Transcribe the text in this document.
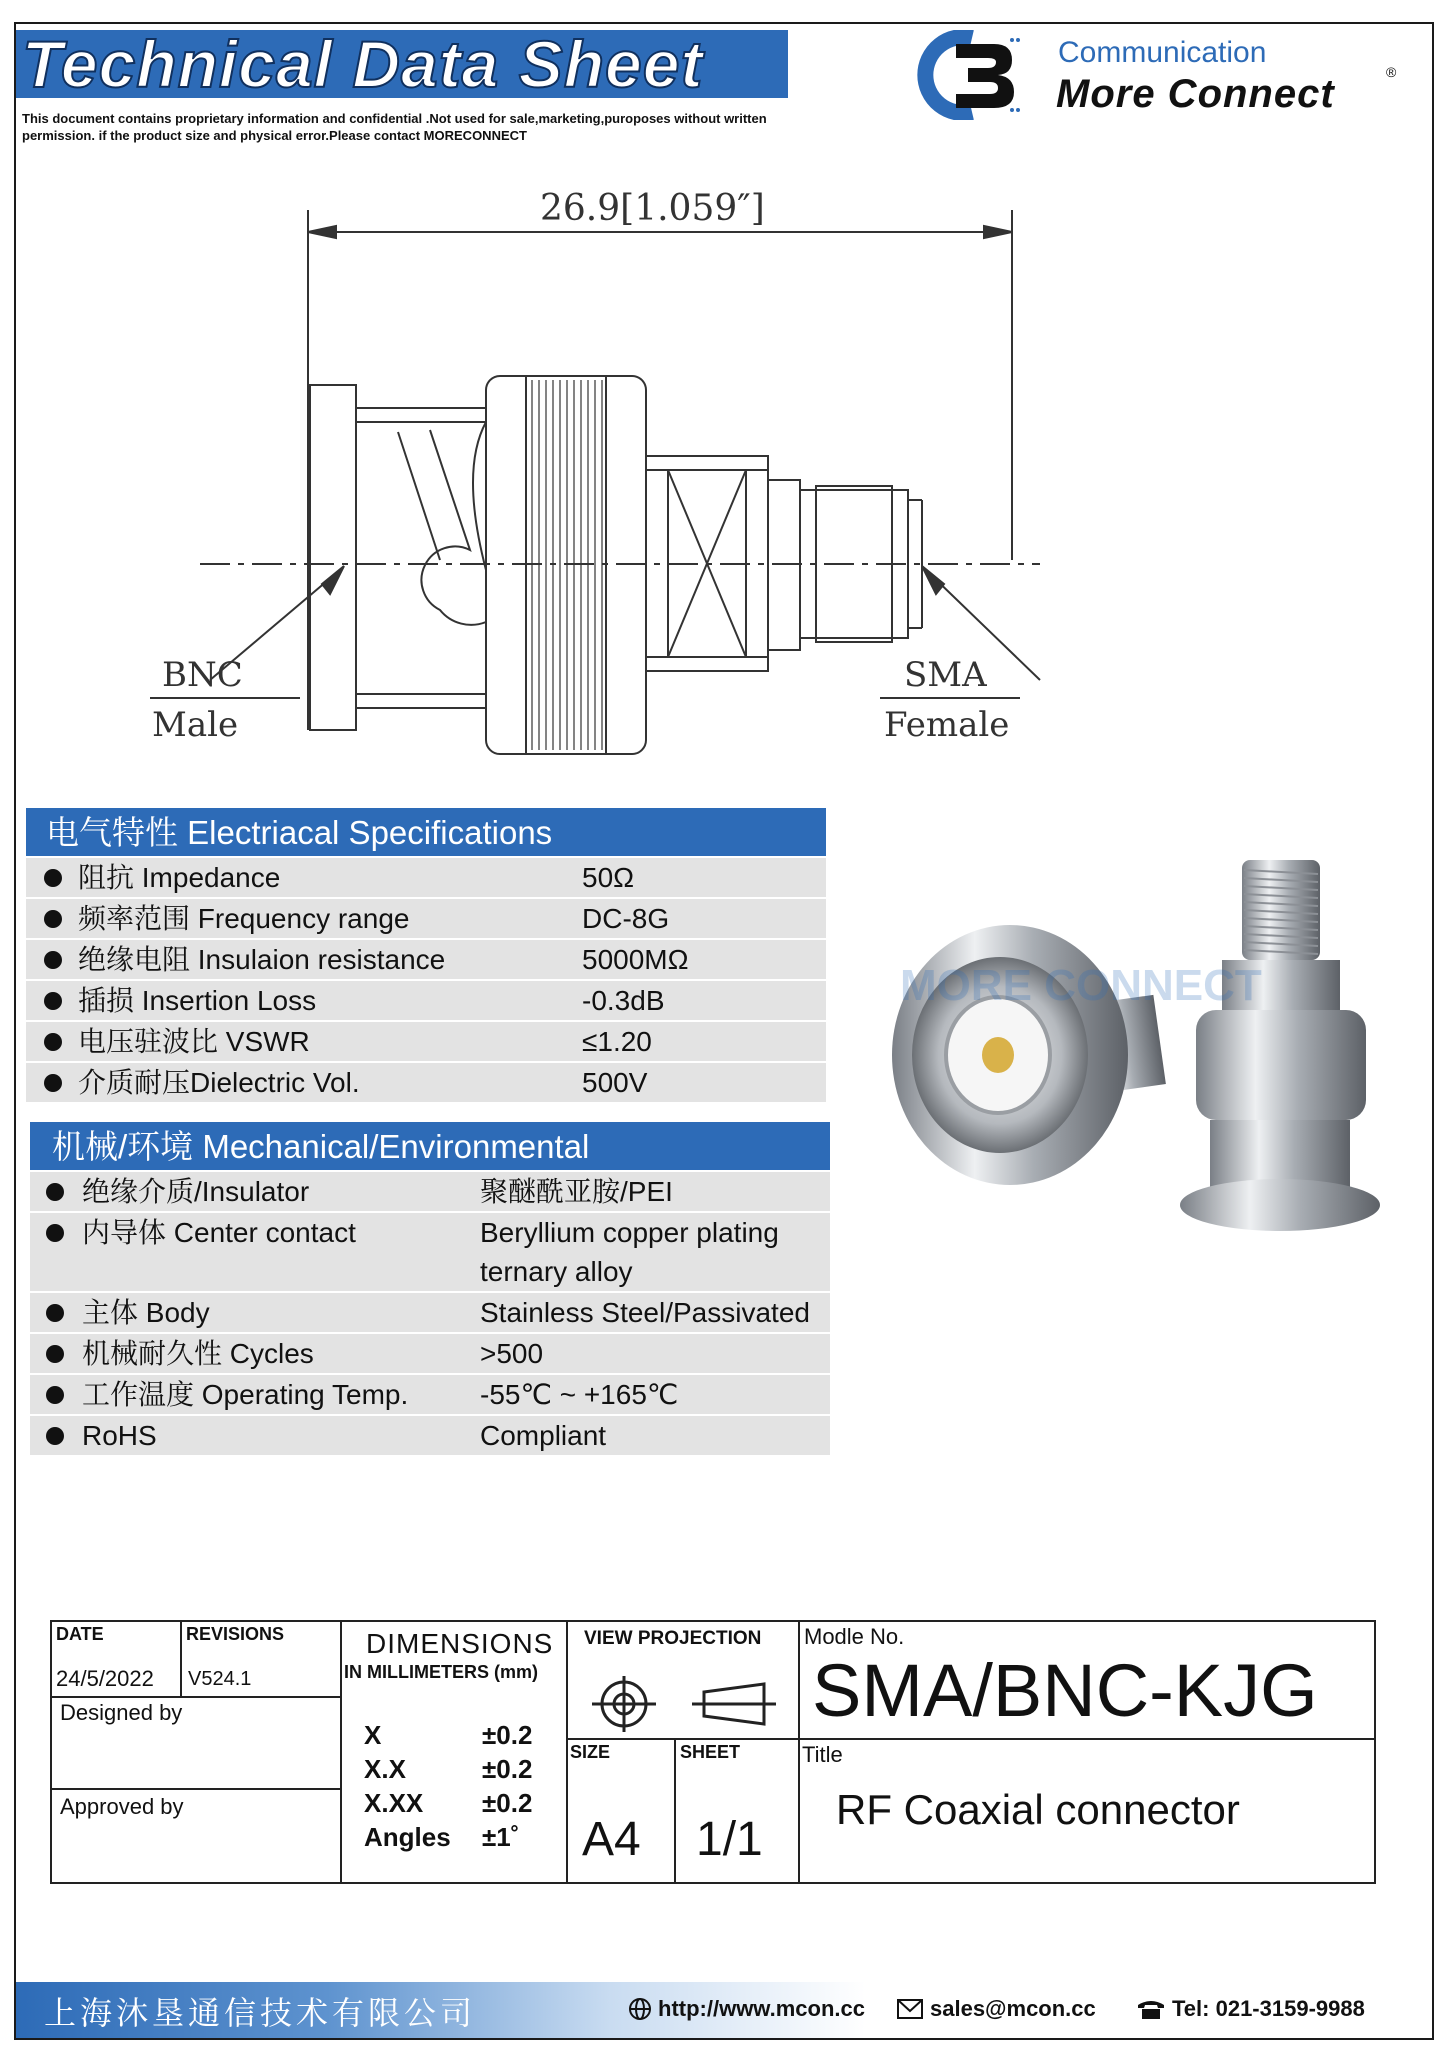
Technical Data Sheet
This document contains proprietary information and confidential .Not used for sale,marketing,puroposes without written permission. if the product size and physical error.Please contact MORECONNECT
Communication
More Connect	®
26.9[1.059″]
BNC
Male
SMA
Female
电气特性 Electriacal Specifications
阻抗 Impedance	50Ω
频率范围 Frequency range	DC-8G
绝缘电阻 Insulaion resistance	5000MΩ
插损 Insertion Loss	-0.3dB
电压驻波比 VSWR	≤1.20
介质耐压Dielectric Vol.	500V
机械/环境 Mechanical/Environmental
绝缘介质/Insulator	聚醚酰亚胺/PEI
内导体 Center contact	Beryllium copper plating
ternary alloy
主体 Body	Stainless Steel/Passivated
机械耐久性 Cycles	>500
工作温度 Operating Temp.	-55℃ ~ +165℃
RoHS	Compliant
MORE CONNECT
DATE	REVISIONS
24/5/2022 V524.1
Designed by
Approved by
DIMENSIONS
IN MILLIMETERS (mm)
X	±0.2
X.X	±0.2
X.XX ±0.2
Angles ±1˚
VIEW PROJECTION
SIZE
A4
SHEET
1/1
Modle No.
SMA/BNC-KJG
Title
RF Coaxial connector
上海沐垦通信技术有限公司	http://www.mcon.cc	sales@mcon.cc	Tel: 021-3159-9988
